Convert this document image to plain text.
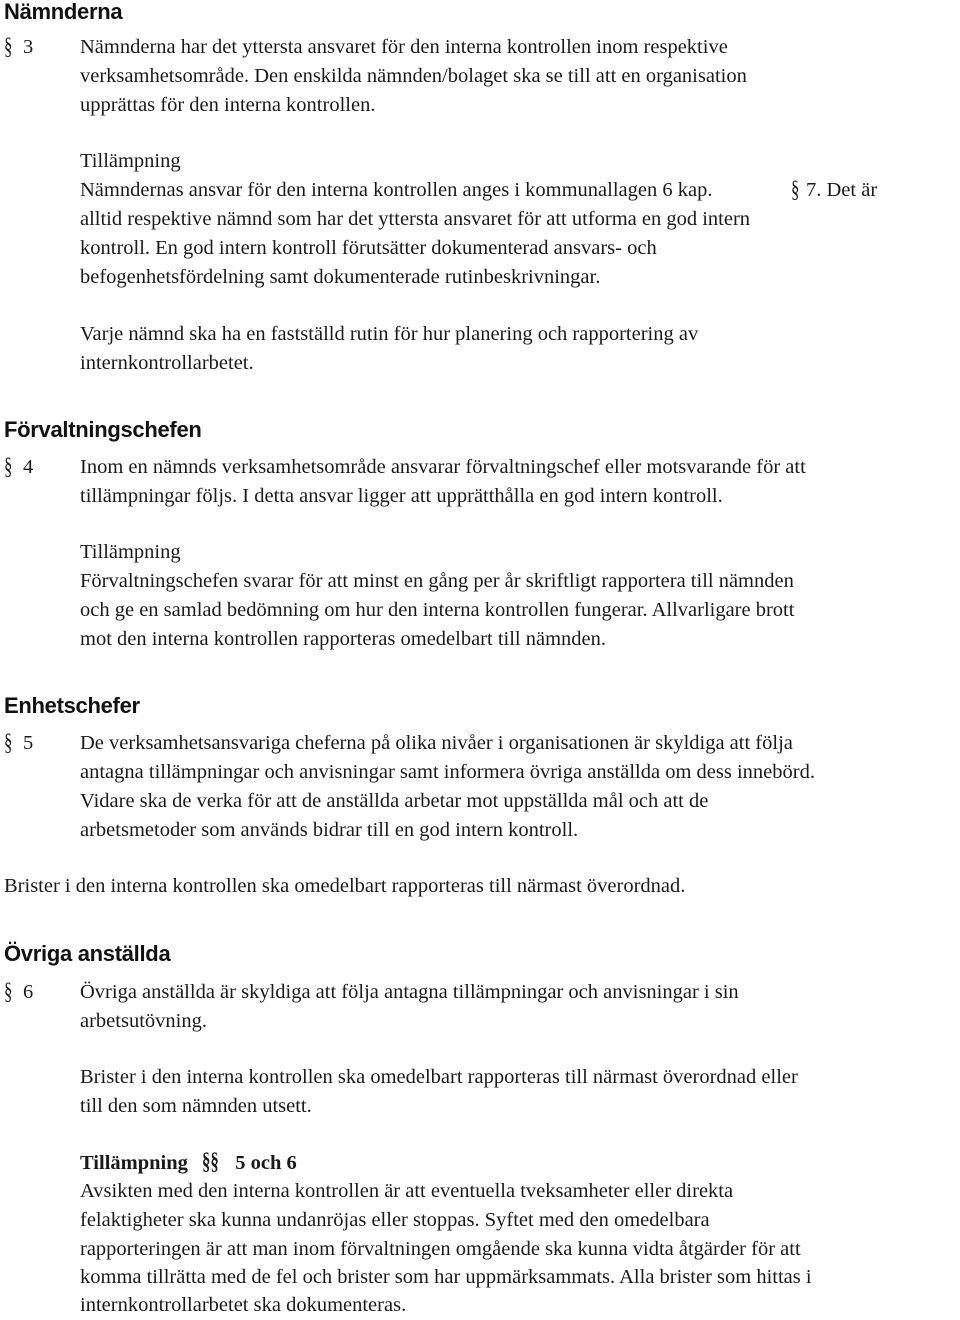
Nämnderna
§ 3 Nämnderna har det yttersta ansvaret för den interna kontrollen inom respektive
verksamhetsområde. Den enskilda nämnden/bolaget ska se till att en organisation
upprättas för den interna kontrollen.
Tillämpning
Nämndernas ansvar för den interna kontrollen anges i kommunallagen 6 kap.	§ 7. Det är
alltid respektive nämnd som har det yttersta ansvaret för att utforma en god intern
kontroll. En god intern kontroll förutsätter dokumenterad ansvars- och
befogenhetsfördelning samt dokumenterade rutinbeskrivningar.
Varje nämnd ska ha en fastställd rutin för hur planering och rapportering av
internkontrollarbetet.
Förvaltningschefen
§ 4 Inom en nämnds verksamhetsområde ansvarar förvaltningschef eller motsvarande för att
tillämpningar följs. I detta ansvar ligger att upprätthålla en god intern kontroll.
Tillämpning
Förvaltningschefen svarar för att minst en gång per år skriftligt rapportera till nämnden
och ge en samlad bedömning om hur den interna kontrollen fungerar. Allvarligare brott
mot den interna kontrollen rapporteras omedelbart till nämnden.
Enhetschefer
§ 5 De verksamhetsansvariga cheferna på olika nivåer i organisationen är skyldiga att följa
antagna tillämpningar och anvisningar samt informera övriga anställda om dess innebörd.
Vidare ska de verka för att de anställda arbetar mot uppställda mål och att de
arbetsmetoder som används bidrar till en god intern kontroll.
Brister i den interna kontrollen ska omedelbart rapporteras till närmast överordnad.
Övriga anställda
§ 6 Övriga anställda är skyldiga att följa antagna tillämpningar och anvisningar i sin
arbetsutövning.
Brister i den interna kontrollen ska omedelbart rapporteras till närmast överordnad eller
till den som nämnden utsett.
Tillämpning §§ 5 och 6
Avsikten med den interna kontrollen är att eventuella tveksamheter eller direkta
felaktigheter ska kunna undanröjas eller stoppas. Syftet med den omedelbara
rapporteringen är att man inom förvaltningen omgående ska kunna vidta åtgärder för att
komma tillrätta med de fel och brister som har uppmärksammats. Alla brister som hittas i
internkontrollarbetet ska dokumenteras.
